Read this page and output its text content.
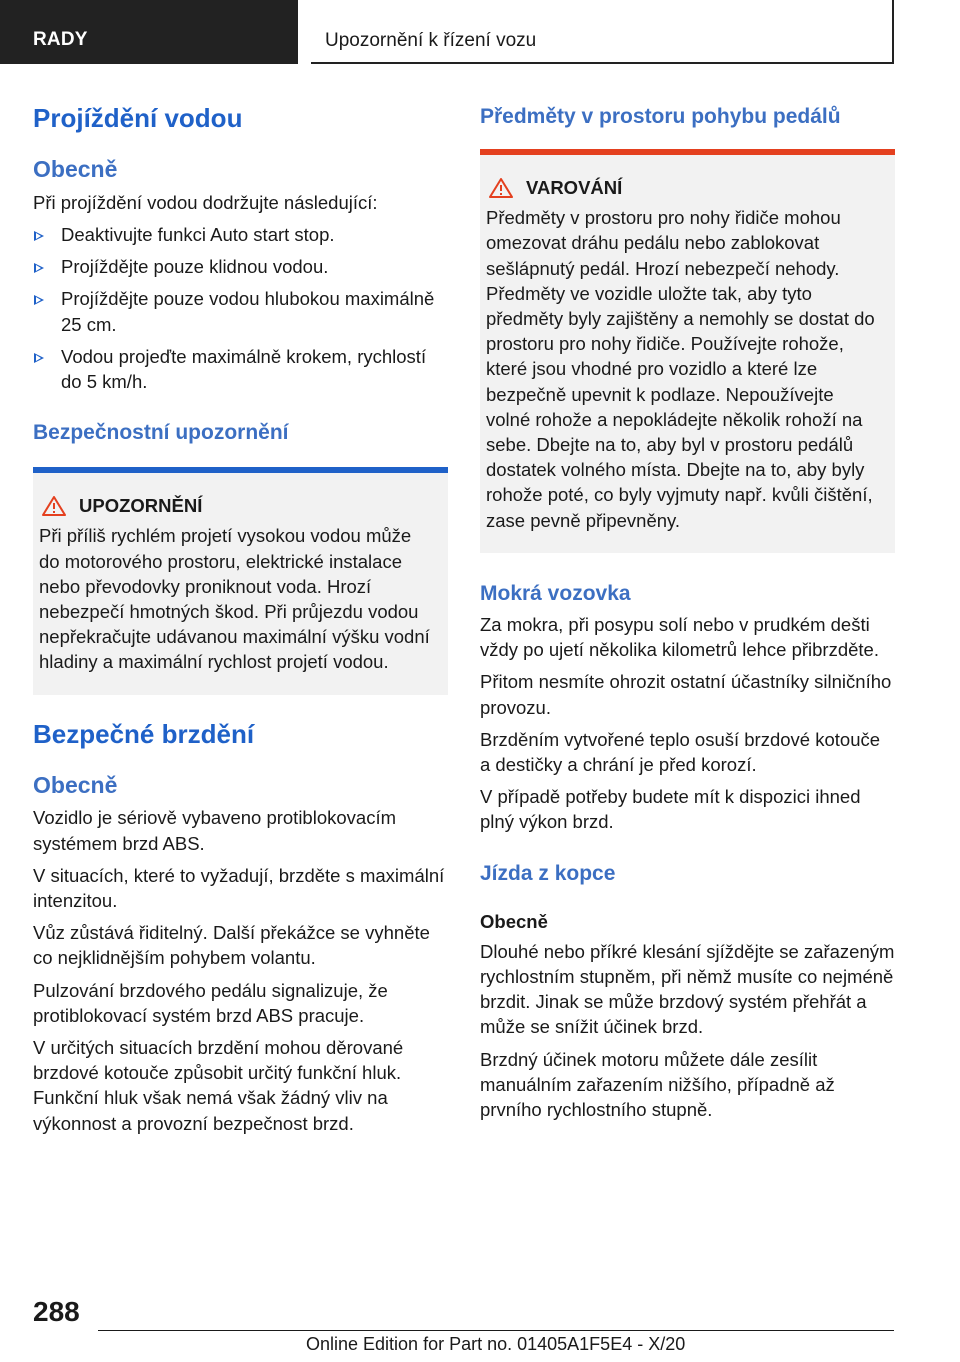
RADY	Upozornění k řízení vozu
Projíždění vodou
Obecně

Při projíždění vodou dodržujte následující:

Deaktivujte funkci Auto start stop.
Projíždějte pouze klidnou vodou.
Projíždějte pouze vodou hlubokou maximálně 25 cm.
Vodou projeďte maximálně krokem, rychlostí do 5 km/h.
Bezpečnostní upozornění
UPOZORNĚNÍ

Při příliš rychlém projetí vysokou vodou může do motorového prostoru, elektrické instalace nebo převodovky proniknout voda. Hrozí nebezpečí hmotných škod. Při průjezdu vodou nepřekračujte udávanou maximální výšku vodní hladiny a maximální rychlost projetí vodou.

Bezpečné brzdění
Obecně

Vozidlo je sériově vybaveno protiblokovacím systémem brzd ABS.

V situacích, které to vyžadují, brzděte s maximální intenzitou.

Vůz zůstává řiditelný. Další překážce se vyhněte co nejklidnějším pohybem volantu.

Pulzování brzdového pedálu signalizuje, že protiblokovací systém brzd ABS pracuje.

V určitých situacích brzdění mohou děrované brzdové kotouče způsobit určitý funkční hluk. Funkční hluk však nemá však žádný vliv na výkonnost a provozní bezpečnost brzd.

Předměty v prostoru pohybu pedálů
VAROVÁNÍ

Předměty v prostoru pro nohy řidiče mohou omezovat dráhu pedálu nebo zablokovat sešlápnutý pedál. Hrozí nebezpečí nehody. Předměty ve vozidle uložte tak, aby tyto předměty byly zajištěny a nemohly se dostat do prostoru pro nohy řidiče. Používejte rohože, které jsou vhodné pro vozidlo a které lze bezpečně upevnit k podlaze. Nepoužívejte volné rohože a nepokládejte několik rohoží na sebe. Dbejte na to, aby byl v prostoru pedálů dostatek volného místa. Dbejte na to, aby byly rohože poté, co byly vyjmuty např. kvůli čištění, zase pevně připevněny.

Mokrá vozovka

Za mokra, při posypu solí nebo v prudkém dešti vždy po ujetí několika kilometrů lehce přibrzděte.

Přitom nesmíte ohrozit ostatní účastníky silničního provozu.

Brzděním vytvořené teplo osuší brzdové kotouče a destičky a chrání je před korozí.

V případě potřeby budete mít k dispozici ihned plný výkon brzd.

Jízda z kopce
Obecně

Dlouhé nebo příkré klesání sjíždějte se zařazeným rychlostním stupněm, při němž musíte co nejméně brzdit. Jinak se může brzdový systém přehřát a může se snížit účinek brzd.

Brzdný účinek motoru můžete dále zesílit manuálním zařazením nižšího, případně až prvního rychlostního stupně.

288
Online Edition for Part no. 01405A1F5E4 - X/20
